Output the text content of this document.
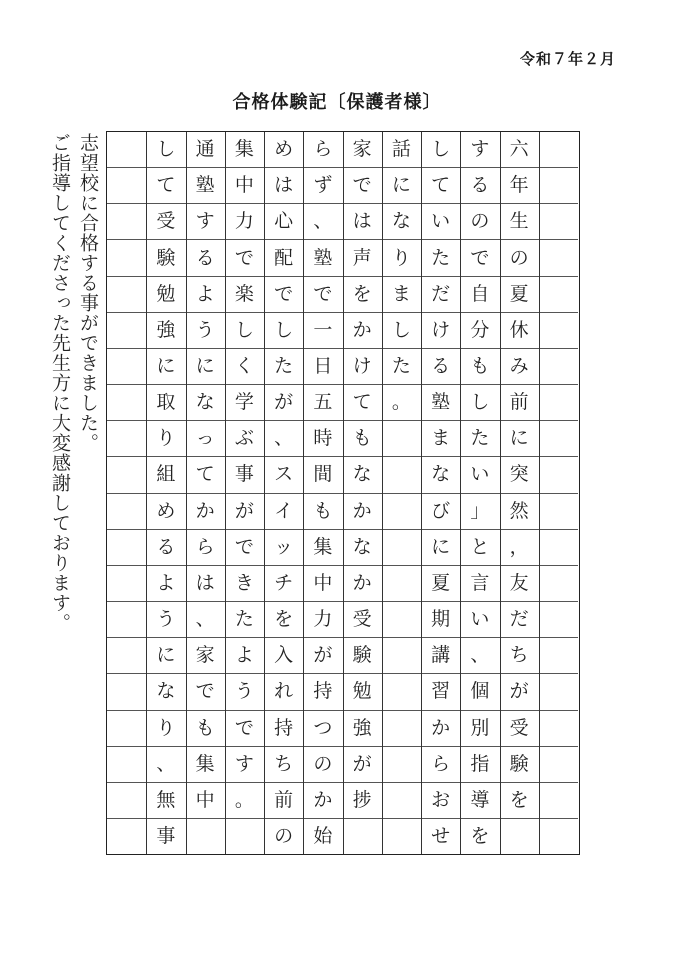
令和７年２月
合格体験記〔保護者様〕
六
年
生
の
夏
休
み
前
に
突
然
，
友
だ
ち
が
受
験
を
す
る
の
で
自
分
も
し
た
い
」
と
言
い
、
個
別
指
導
を
し
て
い
た
だ
け
る
塾
ま
な
び
に
夏
期
講
習
か
ら
お
せ
話
に
な
り
ま
し
た
。
家
で
は
声
を
か
け
て
も
な
か
な
か
受
験
勉
強
が
捗
ら
ず
、
塾
で
一
日
五
時
間
も
集
中
力
が
持
つ
の
か
始
め
は
心
配
で
し
た
が
、
ス
イ
ッ
チ
を
入
れ
持
ち
前
の
集
中
力
で
楽
し
く
学
ぶ
事
が
で
き
た
よ
う
で
す
。
通
塾
す
る
よ
う
に
な
っ
て
か
ら
は
、
家
で
も
集
中
し
て
受
験
勉
強
に
取
り
組
め
る
よ
う
に
な
り
、
無
事
志望校に合格する事ができました。
ご指導してくださった先生方に大変感謝しております。
